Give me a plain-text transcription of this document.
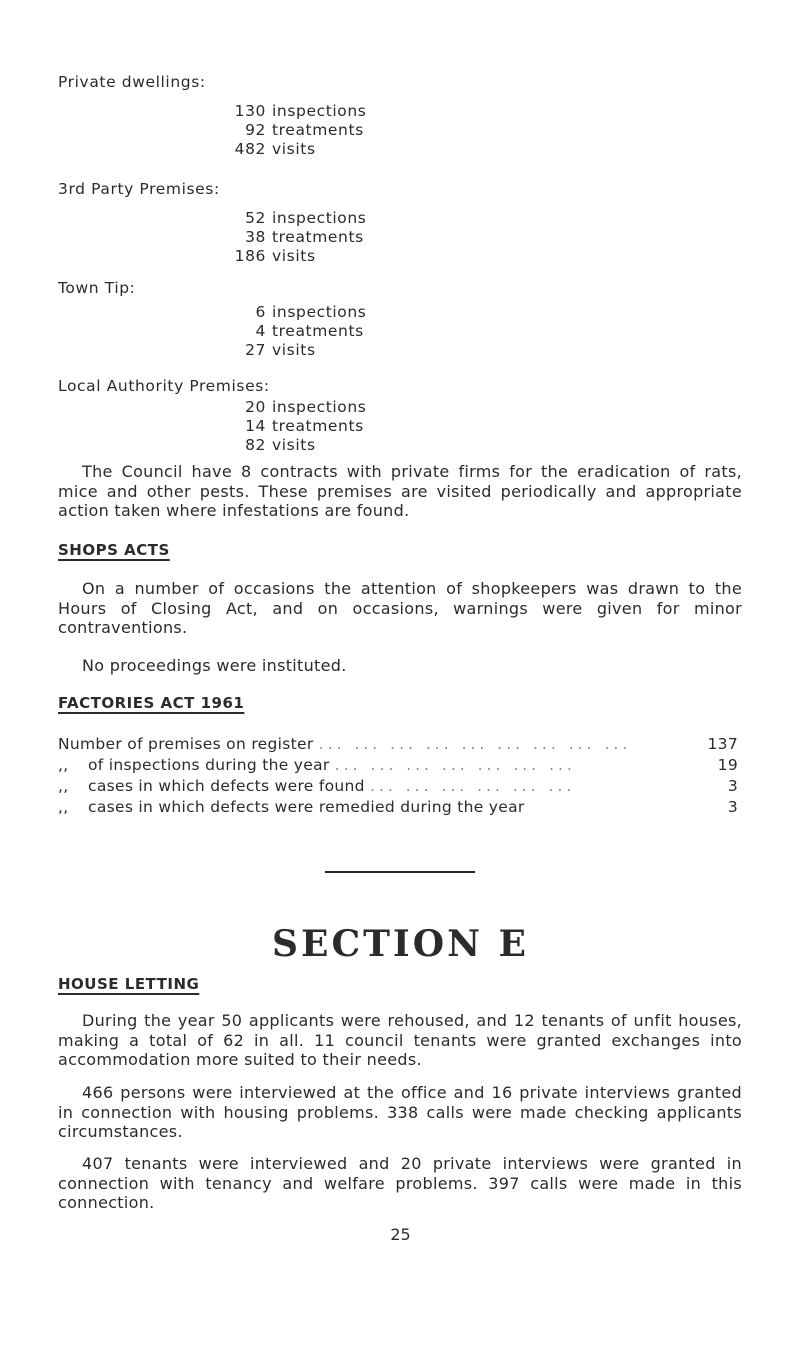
Private dwellings:
130 inspections
92 treatments
482 visits
3rd Party Premises:
52 inspections
38 treatments
186 visits
Town Tip:
6 inspections
4 treatments
27 visits
Local Authority Premises:
20 inspections
14 treatments
82 visits

The Council have 8 contracts with private firms for the eradication of rats, mice and other pests. These premises are visited periodically and appropriate action taken where infestations are found.

SHOPS ACTS

On a number of occasions the attention of shopkeepers was drawn to the Hours of Closing Act, and on occasions, warnings were given for minor contraventions.

No proceedings were instituted.

FACTORIES ACT 1961
Number of premises on register ... ... ... ... ... ... ... ... ...	137
,, of inspections during the year ... ... ... ... ... ... ...	19
,, cases in which defects were found ... ... ... ... ... ...	3
,, cases in which defects were remedied during the year	3
SECTION E
HOUSE LETTING

During the year 50 applicants were rehoused, and 12 tenants of unfit houses, making a total of 62 in all. 11 council tenants were granted exchanges into accommodation more suited to their needs.

466 persons were interviewed at the office and 16 private interviews granted in connection with housing problems. 338 calls were made checking applicants circumstances.

407 tenants were interviewed and 20 private interviews were granted in connection with tenancy and welfare problems. 397 calls were made in this connection.

25
